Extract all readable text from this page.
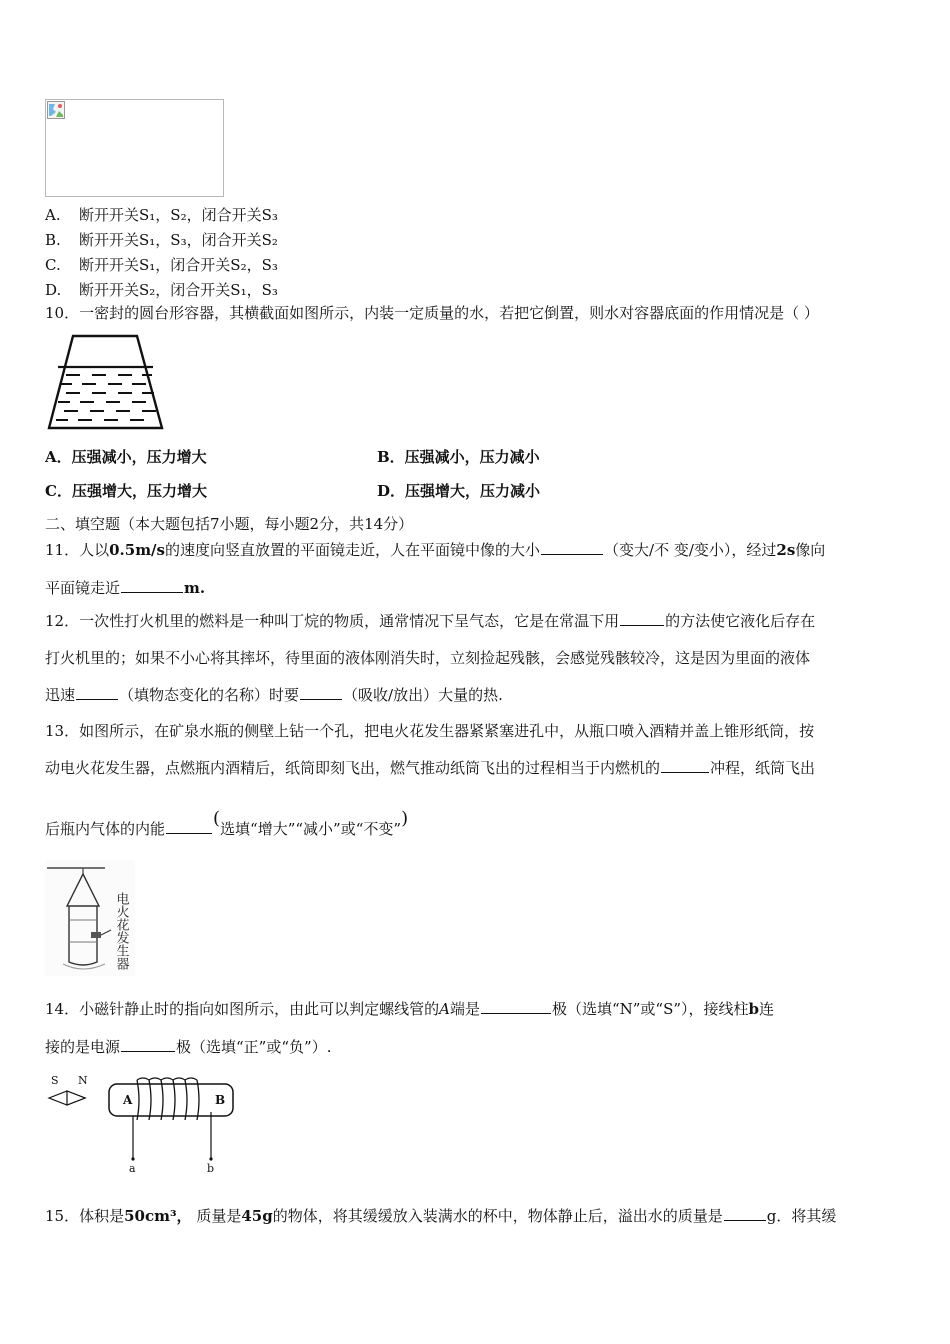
A. 断开开关S₁，S₂，闭合开关S₃
B. 断开开关S₁，S₃，闭合开关S₂
C. 断开开关S₁，闭合开关S₂，S₃
D. 断开开关S₂，闭合开关S₁，S₃
10．一密封的圆台形容器，其横截面如图所示，内装一定质量的水，若把它倒置，则水对容器底面的作用情况是（ ）
A．压强减小，压力增大	B．压强减小，压力减小
C．压强增大，压力增大	D．压强增大，压力减小
二、填空题（本大题包括7小题，每小题2分，共14分）
11．人以0.5m/s的速度向竖直放置的平面镜走近，人在平面镜中像的大小	（变大/不 变/变小），经过2s像向
平面镜走近	m.
12．一次性打火机里的燃料是一种叫丁烷的物质，通常情况下呈气态，它是在常温下用	的方法使它液化后存在
打火机里的；如果不小心将其摔坏，待里面的液体刚消失时，立刻捡起残骸，会感觉残骸较冷，这是因为里面的液体
迅速	（填物态变化的名称）时要	（吸收/放出）大量的热.
13．如图所示，在矿泉水瓶的侧壁上钻一个孔，把电火花发生器紧紧塞进孔中，从瓶口喷入酒精并盖上锥形纸筒，按
动电火花发生器，点燃瓶内酒精后，纸筒即刻飞出，燃气推动纸筒飞出的过程相当于内燃机的	冲程，纸筒飞出
后瓶内气体的内能	(选填“增大”“减小”或“不变”)
电火花发生器
14．小磁针静止时的指向如图所示，由此可以判定螺线管的A端是	极（选填“N”或“S”），接线柱b连
接的是电源	极（选填“正”或“负”）.
S N
A	B
a	b
15．体积是50cm³， 质量是45g的物体，将其缓缓放入装满水的杯中，物体静止后，溢出水的质量是	g．将其缓
